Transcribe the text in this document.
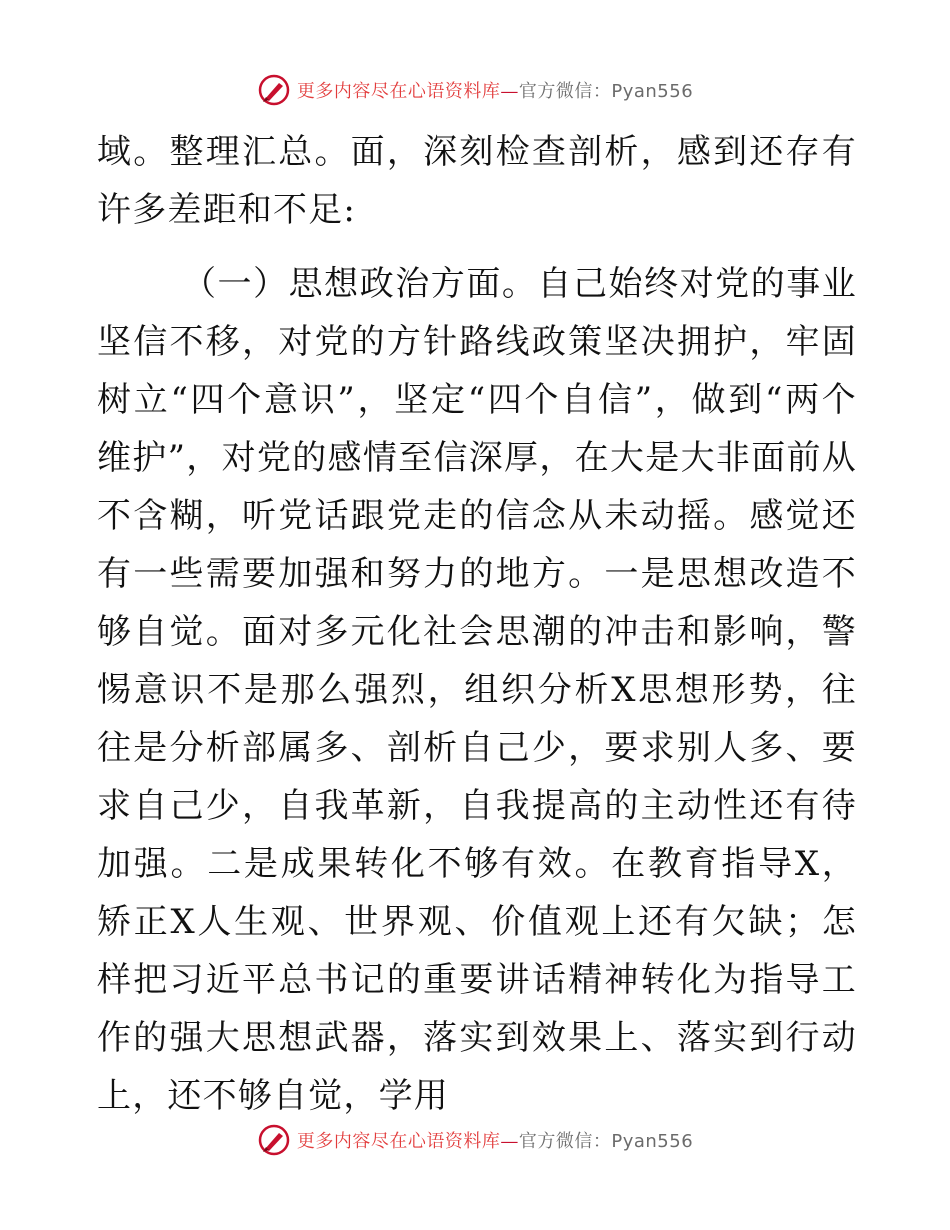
更多内容尽在心语资料库—官方微信：Pyan556

域。整理汇总。面，深刻检查剖析，感到还存有许多差距和不足:

（一）思想政治方面。自己始终对党的事业坚信不移，对党的方针路线政策坚决拥护，牢固树立“四个意识”，坚定“四个自信”，做到“两个维护”，对党的感情至信深厚，在大是大非面前从不含糊，听党话跟党走的信念从未动摇。感觉还有一些需要加强和努力的地方。一是思想改造不够自觉。面对多元化社会思潮的冲击和影响，警惕意识不是那么强烈，组织分析X思想形势，往往是分析部属多、剖析自己少，要求别人多、要求自己少，自我革新，自我提高的主动性还有待加强。二是成果转化不够有效。在教育指导X，矫正X人生观、世界观、价值观上还有欠缺；怎样把习近平总书记的重要讲话精神转化为指导工作的强大思想武器，落实到效果上、落实到行动上，还不够自觉，学用

更多内容尽在心语资料库—官方微信：Pyan556
